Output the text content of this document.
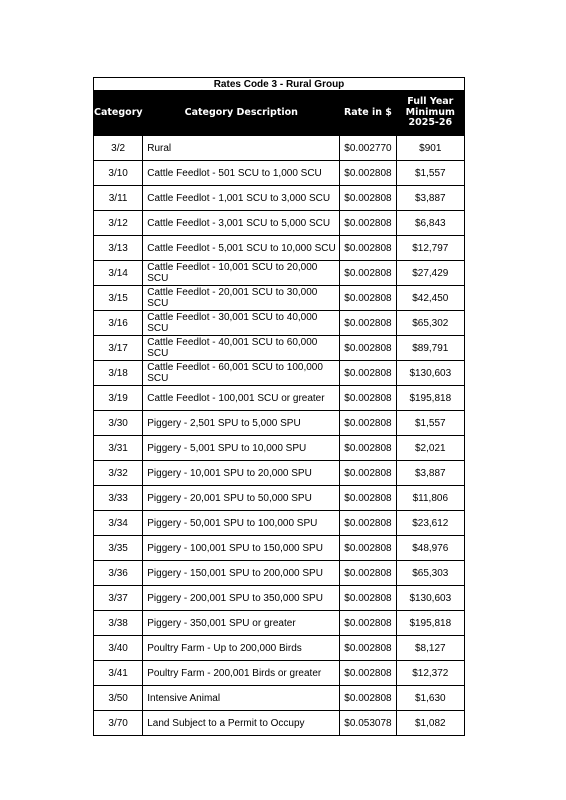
Rates Code 3 - Rural Group			
Category	Category Description	Rate in $	Full Year Minimum 2025-26
3/2	Rural	$0.002770	$901
3/10	Cattle Feedlot - 501 SCU to 1,000 SCU	$0.002808	$1,557
3/11	Cattle Feedlot - 1,001 SCU to 3,000 SCU	$0.002808	$3,887
3/12	Cattle Feedlot - 3,001 SCU to 5,000 SCU	$0.002808	$6,843
3/13	Cattle Feedlot - 5,001 SCU to 10,000 SCU	$0.002808	$12,797
3/14	Cattle Feedlot - 10,001 SCU to 20,000 SCU	$0.002808	$27,429
3/15	Cattle Feedlot - 20,001 SCU to 30,000 SCU	$0.002808	$42,450
3/16	Cattle Feedlot - 30,001 SCU to 40,000 SCU	$0.002808	$65,302
3/17	Cattle Feedlot - 40,001 SCU to 60,000 SCU	$0.002808	$89,791
3/18	Cattle Feedlot - 60,001 SCU to 100,000 SCU	$0.002808	$130,603
3/19	Cattle Feedlot - 100,001 SCU or greater	$0.002808	$195,818
3/30	Piggery - 2,501 SPU to 5,000 SPU	$0.002808	$1,557
3/31	Piggery - 5,001 SPU to 10,000 SPU	$0.002808	$2,021
3/32	Piggery - 10,001 SPU to 20,000 SPU	$0.002808	$3,887
3/33	Piggery - 20,001 SPU to 50,000 SPU	$0.002808	$11,806
3/34	Piggery - 50,001 SPU to 100,000 SPU	$0.002808	$23,612
3/35	Piggery - 100,001 SPU to 150,000 SPU	$0.002808	$48,976
3/36	Piggery - 150,001 SPU to 200,000 SPU	$0.002808	$65,303
3/37	Piggery - 200,001 SPU to 350,000 SPU	$0.002808	$130,603
3/38	Piggery - 350,001 SPU or greater	$0.002808	$195,818
3/40	Poultry Farm - Up to 200,000 Birds	$0.002808	$8,127
3/41	Poultry Farm - 200,001 Birds or greater	$0.002808	$12,372
3/50	Intensive Animal	$0.002808	$1,630
3/70	Land Subject to a Permit to Occupy	$0.053078	$1,082
